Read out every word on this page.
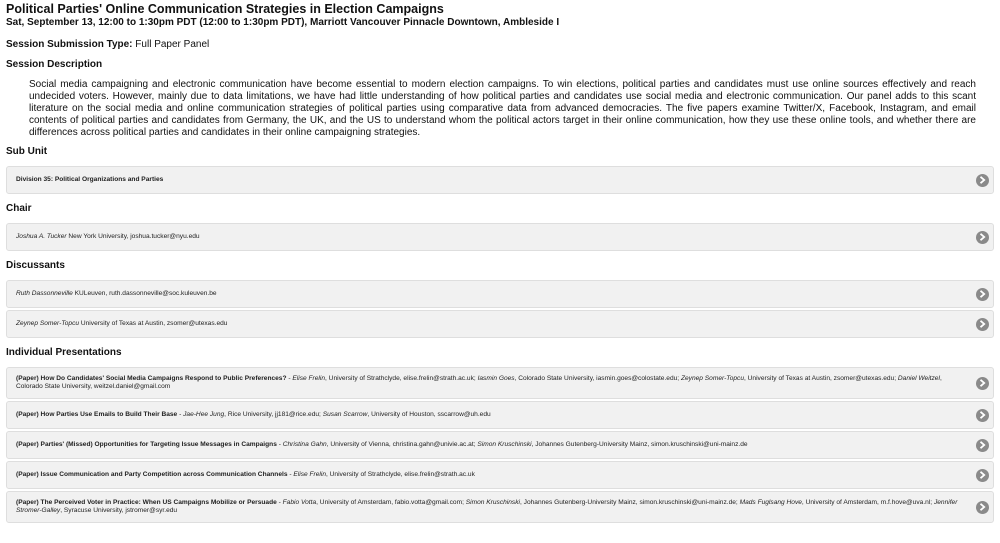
Political Parties' Online Communication Strategies in Election Campaigns
Sat, September 13, 12:00 to 1:30pm PDT (12:00 to 1:30pm PDT), Marriott Vancouver Pinnacle Downtown, Ambleside I
Session Submission Type: Full Paper Panel
Session Description
Social media campaigning and electronic communication have become essential to modern election campaigns. To win elections, political parties and candidates must use online sources effectively and reach undecided voters. However, mainly due to data limitations, we have had little understanding of how political parties and candidates use social media and electronic communication. Our panel adds to this scant literature on the social media and online communication strategies of political parties using comparative data from advanced democracies. The five papers examine Twitter/X, Facebook, Instagram, and email contents of political parties and candidates from Germany, the UK, and the US to understand whom the political actors target in their online communication, how they use these online tools, and whether there are differences across political parties and candidates in their online campaigning strategies.
Sub Unit
Division 35: Political Organizations and Parties
Chair
Joshua A. Tucker New York University, joshua.tucker@nyu.edu
Discussants
Ruth Dassonneville KULeuven, ruth.dassonneville@soc.kuleuven.be
Zeynep Somer-Topcu University of Texas at Austin, zsomer@utexas.edu
Individual Presentations
(Paper) How Do Candidates' Social Media Campaigns Respond to Public Preferences? - Elise Frelin, University of Strathclyde, elise.frelin@strath.ac.uk; Iasmin Goes, Colorado State University, iasmin.goes@colostate.edu; Zeynep Somer-Topcu, University of Texas at Austin, zsomer@utexas.edu; Daniel Weitzel, Colorado State University, weitzel.daniel@gmail.com
(Paper) How Parties Use Emails to Build Their Base - Jae-Hee Jung, Rice University, jj181@rice.edu; Susan Scarrow, University of Houston, sscarrow@uh.edu
(Paper) Parties' (Missed) Opportunities for Targeting Issue Messages in Campaigns - Christina Gahn, University of Vienna, christina.gahn@univie.ac.at; Simon Kruschinski, Johannes Gutenberg-University Mainz, simon.kruschinski@uni-mainz.de
(Paper) Issue Communication and Party Competition across Communication Channels - Elise Frelin, University of Strathclyde, elise.frelin@strath.ac.uk
(Paper) The Perceived Voter in Practice: When US Campaigns Mobilize or Persuade - Fabio Votta, University of Amsterdam, fabio.votta@gmail.com; Simon Kruschinski, Johannes Gutenberg-University Mainz, simon.kruschinski@uni-mainz.de; Mads Fuglsang Hove, University of Amsterdam, m.f.hove@uva.nl; Jennifer Stromer-Galley, Syracuse University, jstromer@syr.edu
